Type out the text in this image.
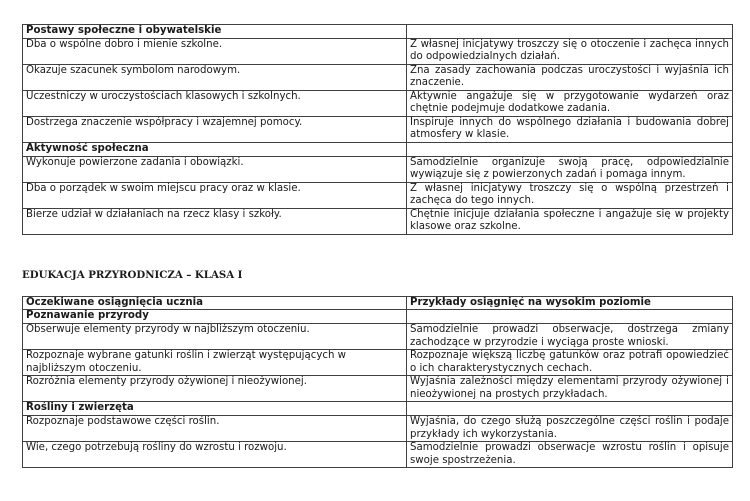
Postawy społeczne i obywatelskie	
Dba o wspólne dobro i mienie szkolne.	Z własnej inicjatywy troszczy się o otoczenie i zachęca innych do odpowiedzialnych działań.
Okazuje szacunek symbolom narodowym.	Zna zasady zachowania podczas uroczystości i wyjaśnia ich znaczenie.
Uczestniczy w uroczystościach klasowych i szkolnych.	Aktywnie angażuje się w przygotowanie wydarzeń oraz chętnie podejmuje dodatkowe zadania.
Dostrzega znaczenie współpracy i wzajemnej pomocy.	Inspiruje innych do wspólnego działania i budowania dobrej atmosfery w klasie.
Aktywność społeczna	
Wykonuje powierzone zadania i obowiązki.	Samodzielnie organizuje swoją pracę, odpowiedzialnie wywiązuje się z powierzonych zadań i pomaga innym.
Dba o porządek w swoim miejscu pracy oraz w klasie.	Z własnej inicjatywy troszczy się o wspólną przestrzeń i zachęca do tego innych.
Bierze udział w działaniach na rzecz klasy i szkoły.	Chętnie inicjuje działania społeczne i angażuje się w projekty klasowe oraz szkolne.
EDUKACJA PRZYRODNICZA – KLASA I
Oczekiwane osiągnięcia ucznia	Przykłady osiągnięć na wysokim poziomie
Poznawanie przyrody	
Obserwuje elementy przyrody w najbliższym otoczeniu.	Samodzielnie prowadzi obserwacje, dostrzega zmiany zachodzące w przyrodzie i wyciąga proste wnioski.
Rozpoznaje wybrane gatunki roślin i zwierząt występujących w najbliższym otoczeniu.	Rozpoznaje większą liczbę gatunków oraz potrafi opowiedzieć o ich charakterystycznych cechach.
Rozróżnia elementy przyrody ożywionej i nieożywionej.	Wyjaśnia zależności między elementami przyrody ożywionej i nieożywionej na prostych przykładach.
Rośliny i zwierzęta	
Rozpoznaje podstawowe części roślin.	Wyjaśnia, do czego służą poszczególne części roślin i podaje przykłady ich wykorzystania.
Wie, czego potrzebują rośliny do wzrostu i rozwoju.	Samodzielnie prowadzi obserwacje wzrostu roślin i opisuje swoje spostrzeżenia.
